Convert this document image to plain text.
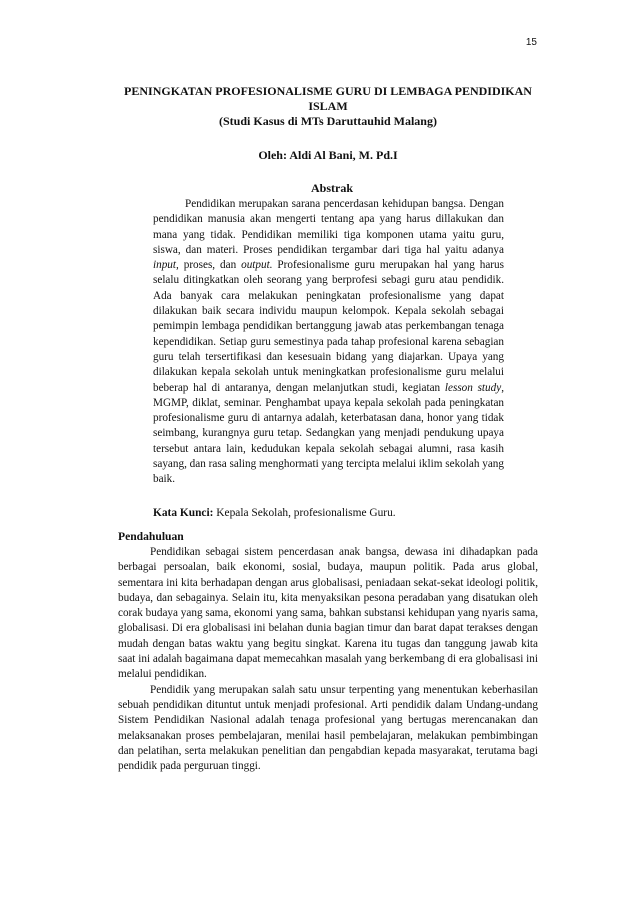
15
PENINGKATAN PROFESIONALISME GURU DI LEMBAGA PENDIDIKAN
ISLAM
(Studi Kasus di MTs Daruttauhid Malang)
Oleh: Aldi Al Bani, M. Pd.I
Abstrak

Pendidikan merupakan sarana pencerdasan kehidupan bangsa. Dengan pendidikan manusia akan mengerti tentang apa yang harus dillakukan dan mana yang tidak. Pendidikan memiliki tiga komponen utama yaitu guru, siswa, dan materi. Proses pendidikan tergambar dari tiga hal yaitu adanya input, proses, dan output. Profesionalisme guru merupakan hal yang harus selalu ditingkatkan oleh seorang yang berprofesi sebagi guru atau pendidik. Ada banyak cara melakukan peningkatan profesionalisme yang dapat dilakukan baik secara individu maupun kelompok. Kepala sekolah sebagai pemimpin lembaga pendidikan bertanggung jawab atas perkembangan tenaga kependidikan. Setiap guru semestinya pada tahap profesional karena sebagian guru telah tersertifikasi dan kesesuain bidang yang diajarkan. Upaya yang dilakukan kepala sekolah untuk meningkatkan profesionalisme guru melalui beberap hal di antaranya, dengan melanjutkan studi, kegiatan lesson study, MGMP, diklat, seminar. Penghambat upaya kepala sekolah pada peningkatan profesionalisme guru di antarnya adalah, keterbatasan dana, honor yang tidak seimbang, kurangnya guru tetap. Sedangkan yang menjadi pendukung upaya tersebut antara lain, kedudukan kepala sekolah sebagai alumni, rasa kasih sayang, dan rasa saling menghormati yang tercipta melalui iklim sekolah yang baik.

Kata Kunci: Kepala Sekolah, profesionalisme Guru.
Pendahuluan

Pendidikan sebagai sistem pencerdasan anak bangsa, dewasa ini dihadapkan pada berbagai persoalan, baik ekonomi, sosial, budaya, maupun politik. Pada arus global, sementara ini kita berhadapan dengan arus globalisasi, peniadaan sekat-sekat ideologi politik, budaya, dan sebagainya. Selain itu, kita menyaksikan pesona peradaban yang disatukan oleh corak budaya yang sama, ekonomi yang sama, bahkan substansi kehidupan yang nyaris sama, globalisasi. Di era globalisasi ini belahan dunia bagian timur dan barat dapat terakses dengan mudah dengan batas waktu yang begitu singkat. Karena itu tugas dan tanggung jawab kita saat ini adalah bagaimana dapat memecahkan masalah yang berkembang di era globalisasi ini melalui pendidikan.

Pendidik yang merupakan salah satu unsur terpenting yang menentukan keberhasilan sebuah pendidikan dituntut untuk menjadi profesional. Arti pendidik dalam Undang-undang Sistem Pendidikan Nasional adalah tenaga profesional yang bertugas merencanakan dan melaksanakan proses pembelajaran, menilai hasil pembelajaran, melakukan pembimbingan dan pelatihan, serta melakukan penelitian dan pengabdian kepada masyarakat, terutama bagi pendidik pada perguruan tinggi.
